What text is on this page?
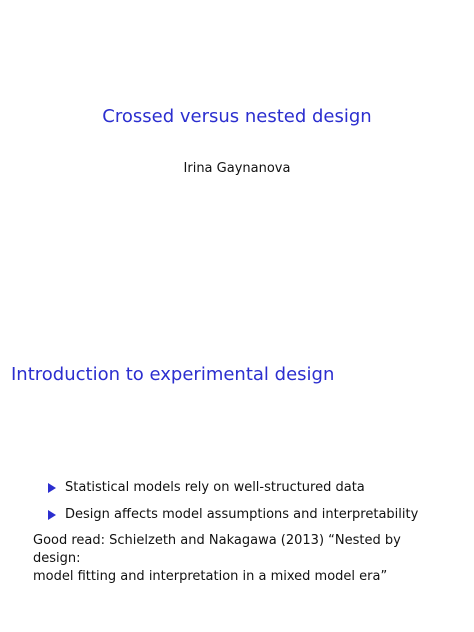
Crossed versus nested design
Irina Gaynanova
Introduction to experimental design
Statistical models rely on well-structured data
Design affects model assumptions and interpretability
Good read: Schielzeth and Nakagawa (2013) “Nested by design:
model fitting and interpretation in a mixed model era”
